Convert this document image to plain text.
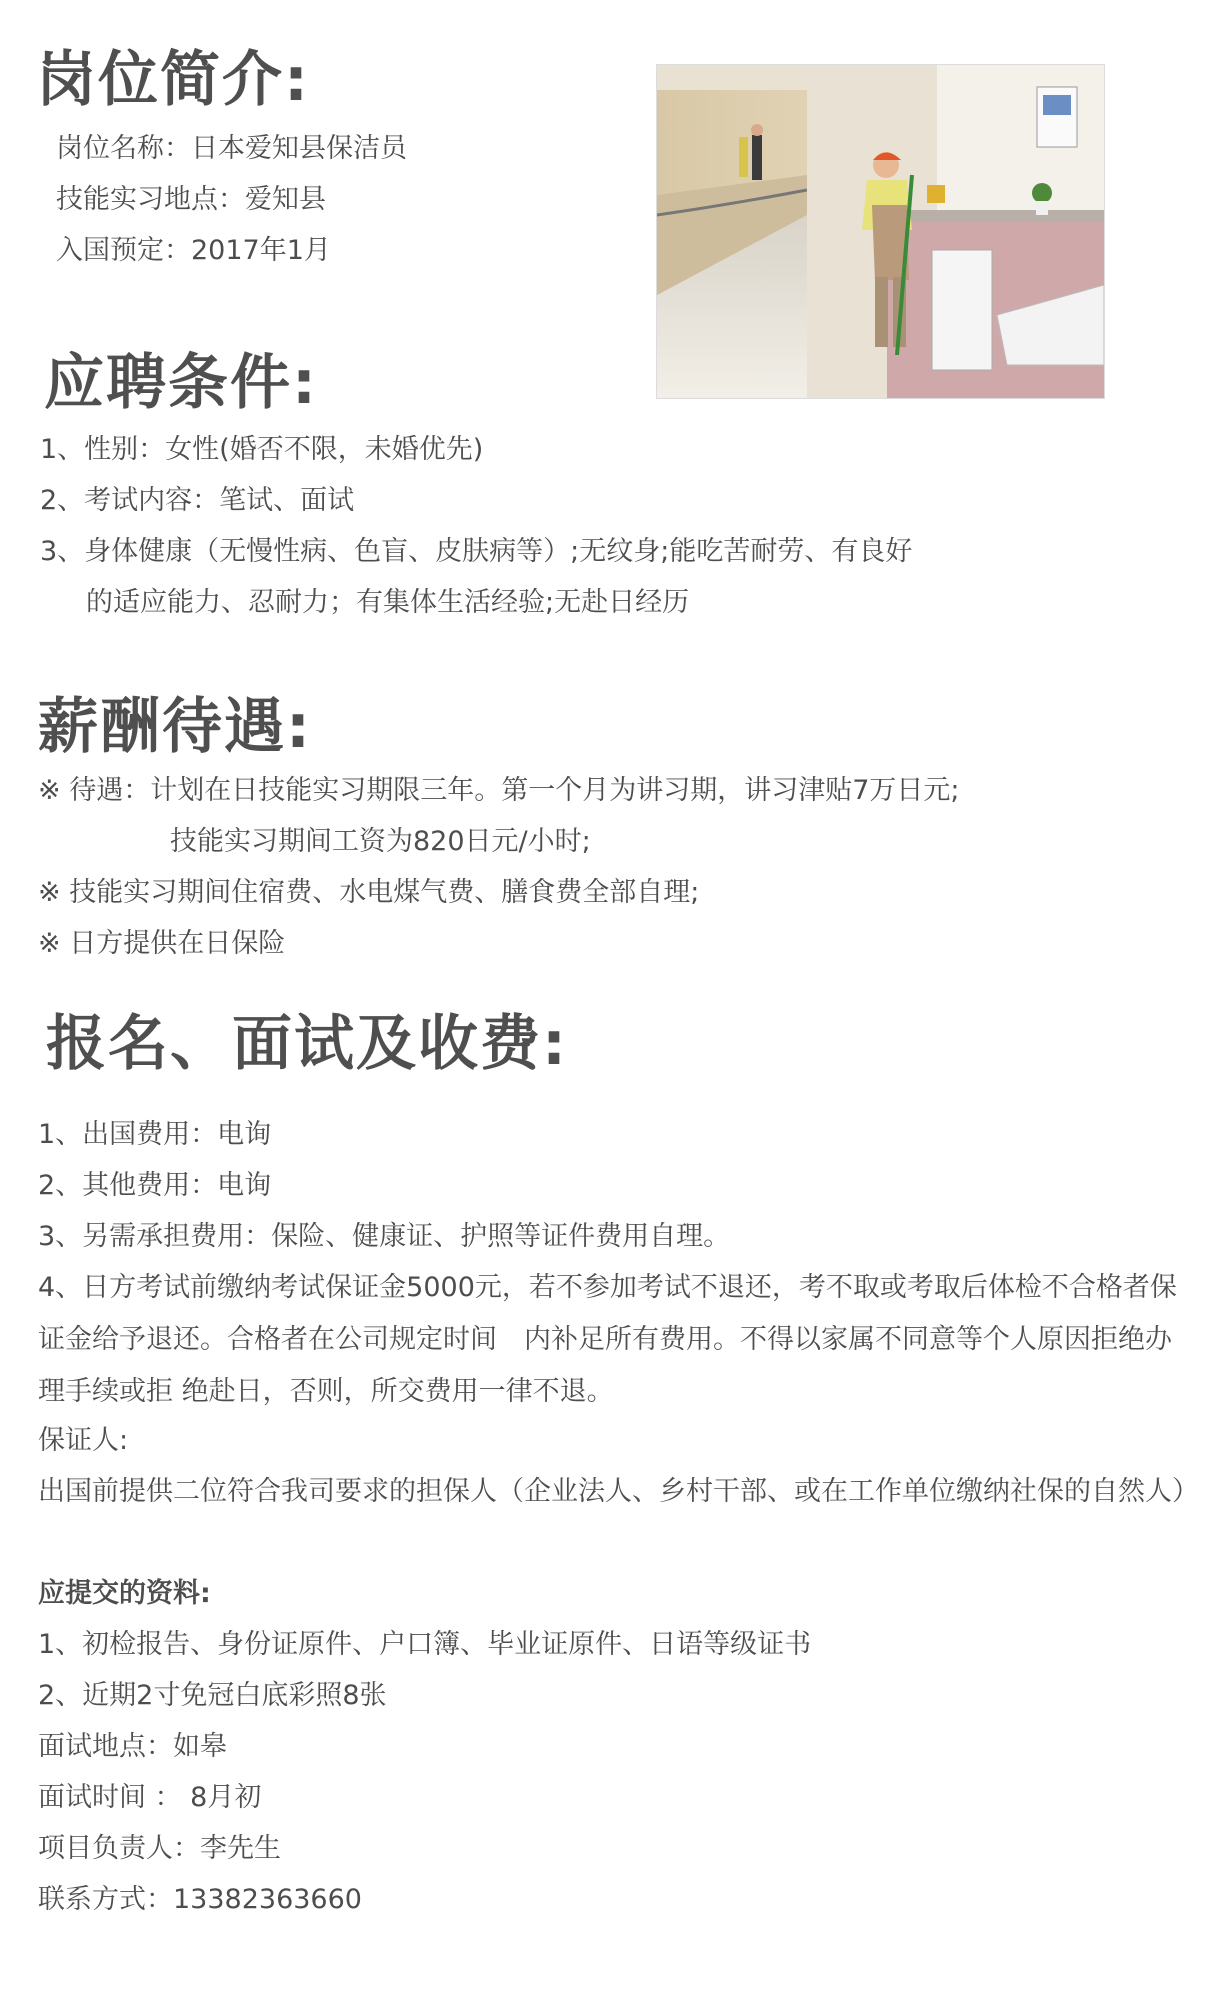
岗位简介:
岗位名称：日本爱知县保洁员
技能实习地点：爱知县
入国预定：2017年1月
应聘条件:
1、性别：女性(婚否不限，未婚优先)
2、考试内容：笔试、面试
3、身体健康（无慢性病、色盲、皮肤病等）;无纹身;能吃苦耐劳、有良好
的适应能力、忍耐力；有集体生活经验;无赴日经历
薪酬待遇:
※ 待遇：计划在日技能实习期限三年。第一个月为讲习期，讲习津贴7万日元;
技能实习期间工资为820日元/小时;
※ 技能实习期间住宿费、水电煤气费、膳食费全部自理;
※ 日方提供在日保险
报名、面试及收费:
1、出国费用：电询
2、其他费用：电询
3、另需承担费用：保险、健康证、护照等证件费用自理。
4、日方考试前缴纳考试保证金5000元，若不参加考试不退还，考不取或考取后体检不合格者保证金给予退还。合格者在公司规定时间　内补足所有费用。不得以家属不同意等个人原因拒绝办理手续或拒 绝赴日，否则，所交费用一律不退。
保证人:
出国前提供二位符合我司要求的担保人（企业法人、乡村干部、或在工作单位缴纳社保的自然人）
应提交的资料:
1、初检报告、身份证原件、户口簿、毕业证原件、日语等级证书
2、近期2寸免冠白底彩照8张
面试地点：如皋
面试时间 ： 8月初
项目负责人：李先生
联系方式：13382363660
